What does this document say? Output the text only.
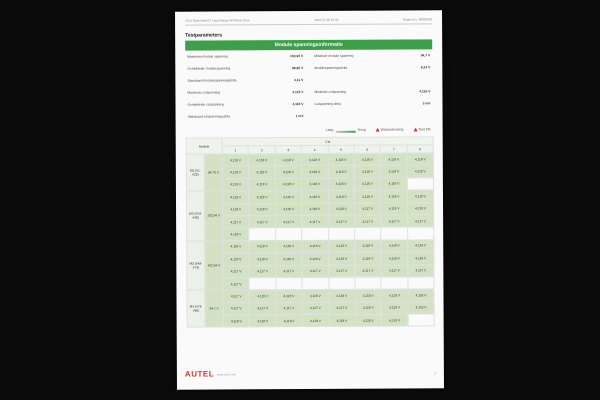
2019 Tesla Model Y Long Range All-Wheel Drive	2024-07-08 15:48	Rapport nr. 00000000
Testparameters
Module spanningsinformatie
Maximum module spanning	102,94 V
Gemiddelde modulespanning	98,80 V
Standaard modulespanningsdelta	4,11 V
Maximale celspanning	4,119 V
Gemiddelde celspanning	4,118 V
Standaard celspanningsdelta	1 mV
Minimale module spanning	94,7 V
Modulespanningsdelta	8,24 V
Minimale celspanning	4,116 V
Celspanning delta	3 mV
Laag	Hoog	Waarschuwing	Niet OK
Module		Cel							
		1	2	3	4	5	6	7	8
M1 (#1-#23)	94,70 V	4,118 V	4,118 V	4,118 V	4,118 V	4,118 V	4,118 V	4,118 V	4,118 V
		4,118 V	4,118 V	4,118 V	4,118 V	4,118 V	4,118 V	4,118 V	4,118 V
		4,118 V	4,118 V	4,118 V	4,118 V	4,118 V	4,118 V	4,118 V	
M2 (#24-#48)	102,94 V	4,118 V	4,118 V	4,118 V	4,118 V	4,118 V	4,118 V	4,118 V	4,118 V
		4,118 V	4,118 V	4,118 V	4,118 V	4,118 V	4,117 V	4,118 V	4,118 V
		4,117 V	4,117 V	4,117 V	4,117 V	4,117 V	4,117 V	4,117 V	4,117 V
		4,118 V							
M3 (#49-#73)	102,94 V	4,118 V	4,118 V	4,118 V	4,118 V	4,118 V	4,118 V	4,118 V	4,118 V
		4,118 V	4,118 V	4,118 V	4,118 V	4,118 V	4,118 V	4,118 V	4,118 V
		4,117 V	4,117 V	4,117 V	4,117 V	4,117 V	4,117 V	4,117 V	4,117 V
		4,117 V							
M4 (#74-#96)	94,7 V	4,117 V	4,118 V	4,118 V	4,118 V	4,118 V	4,118 V	4,118 V	4,118 V
		4,117 V	4,117 V	4,117 V	4,117 V	4,117 V	4,118 V	4,118 V	4,118 V
		4,118 V	4,118 V	4,118 V	4,118 V	4,118 V	4,118 V	4,118 V	
AUTEL www.autel.com	2
